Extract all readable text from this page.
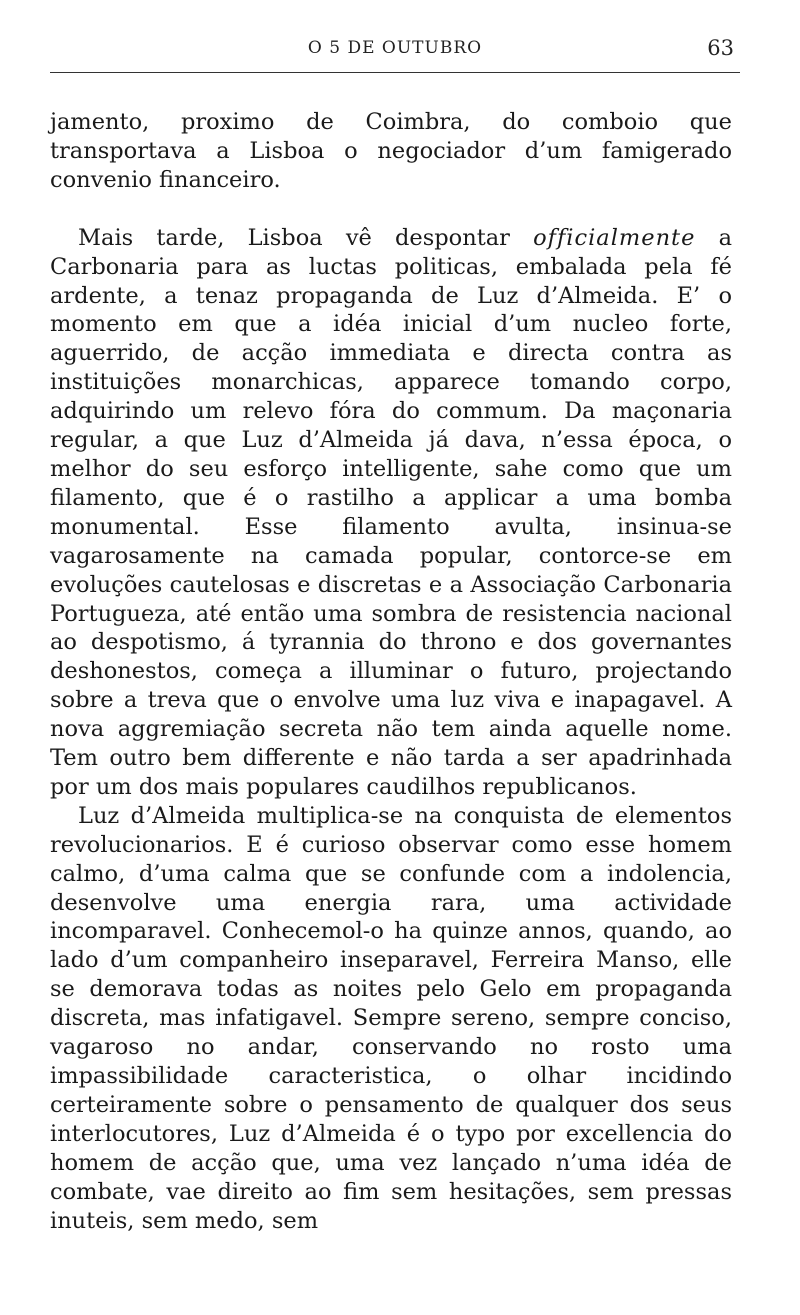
O 5 DE OUTUBRO	63

jamento, proximo de Coimbra, do comboio que transportava a Lisboa o negociador d’um famigerado convenio financeiro.

Mais tarde, Lisboa vê despontar officialmente a Carbonaria para as luctas politicas, embalada pela fé ardente, a tenaz propaganda de Luz d’Almeida. E’ o momento em que a idéa inicial d’um nucleo forte, aguerrido, de acção immediata e directa contra as instituições monarchicas, apparece tomando corpo, adquirindo um relevo fóra do commum. Da maçonaria regular, a que Luz d’Almeida já dava, n’essa época, o melhor do seu esforço intelligente, sahe como que um filamento, que é o rastilho a applicar a uma bomba monumental. Esse filamento avulta, insinua-se vagarosamente na camada popular, contorce-se em evoluções cautelosas e discretas e a Associação Carbonaria Portugueza, até então uma sombra de resistencia nacional ao despotismo, á tyrannia do throno e dos governantes deshonestos, começa a illuminar o futuro, projectando sobre a treva que o envolve uma luz viva e inapagavel. A nova aggremiação secreta não tem ainda aquelle nome. Tem outro bem differente e não tarda a ser apadrinhada por um dos mais populares caudilhos republicanos.

Luz d’Almeida multiplica-se na conquista de elementos revolucionarios. E é curioso observar como esse homem calmo, d’uma calma que se confunde com a indolencia, desenvolve uma energia rara, uma actividade incomparavel. Conhecemol-o ha quinze annos, quando, ao lado d’um companheiro inseparavel, Ferreira Manso, elle se demorava todas as noites pelo Gelo em propaganda discreta, mas infatigavel. Sempre sereno, sempre conciso, vagaroso no andar, conservando no rosto uma impassibilidade caracteristica, o olhar incidindo certeiramente sobre o pensamento de qualquer dos seus interlocutores, Luz d’Almeida é o typo por excellencia do homem de acção que, uma vez lançado n’uma idéa de combate, vae direito ao fim sem hesitações, sem pressas inuteis, sem medo, sem
